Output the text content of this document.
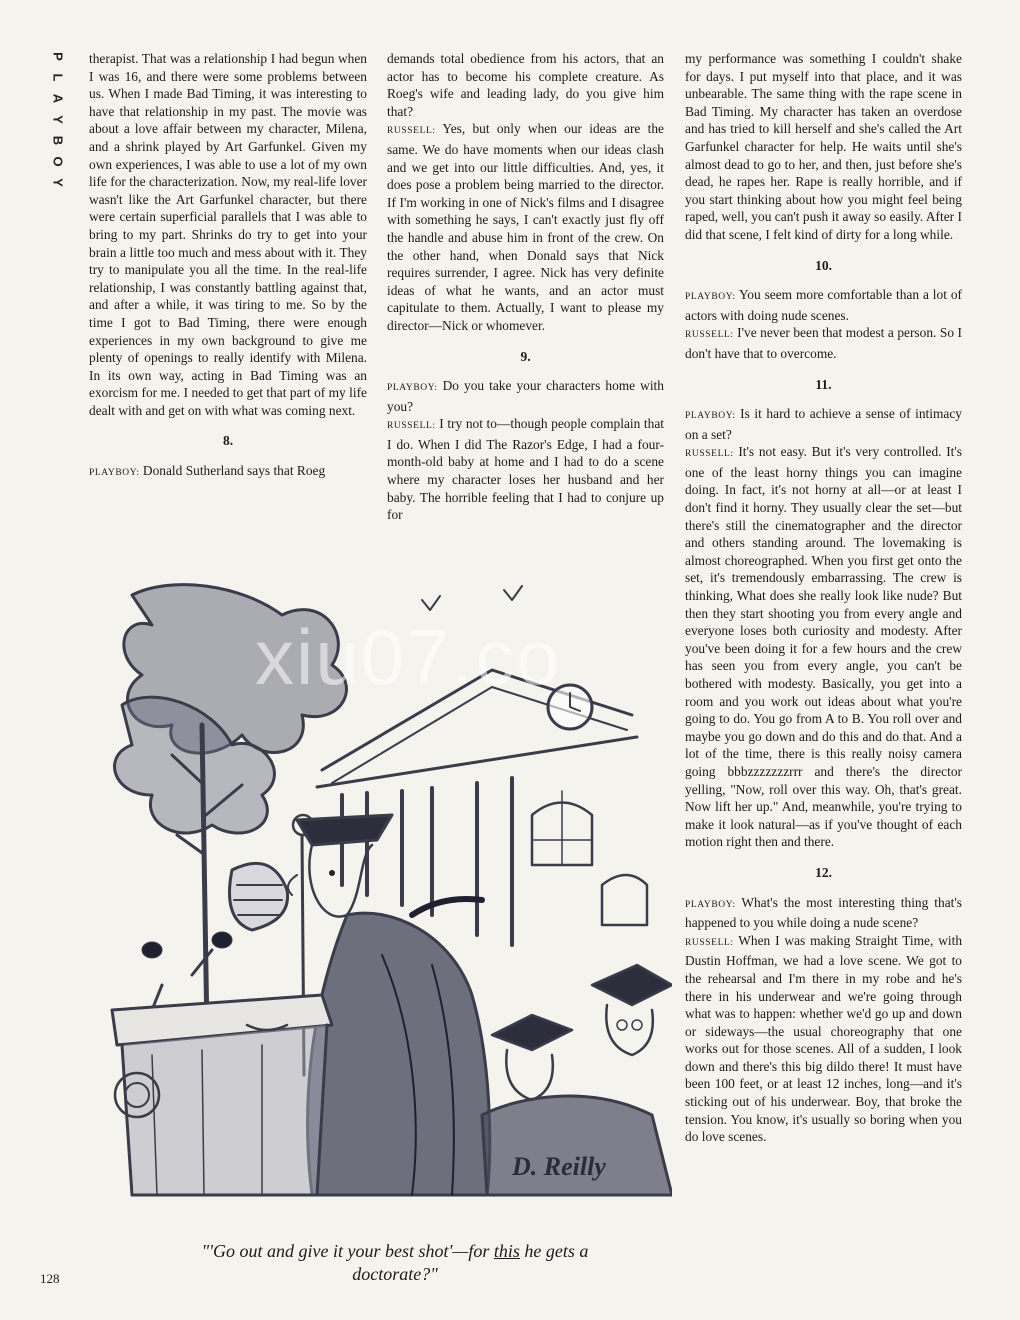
P
L
A
Y
B
O
Y

therapist. That was a relationship I had begun when I was 16, and there were some problems between us. When I made Bad Timing, it was interesting to have that relationship in my past. The movie was about a love affair between my character, Milena, and a shrink played by Art Garfunkel. Given my own experiences, I was able to use a lot of my own life for the characterization. Now, my real-life lover wasn't like the Art Garfunkel character, but there were certain superficial parallels that I was able to bring to my part. Shrinks do try to get into your brain a little too much and mess about with it. They try to manipulate you all the time. In the real-life relationship, I was constantly battling against that, and after a while, it was tiring to me. So by the time I got to Bad Timing, there were enough experiences in my own background to give me plenty of openings to really identify with Milena. In its own way, acting in Bad Timing was an exorcism for me. I needed to get that part of my life dealt with and get on with what was coming next.

8.

PLAYBOY: Donald Sutherland says that Roeg

demands total obedience from his actors, that an actor has to become his complete creature. As Roeg's wife and leading lady, do you give him that?

RUSSELL: Yes, but only when our ideas are the same. We do have moments when our ideas clash and we get into our little difficulties. And, yes, it does pose a problem being married to the director. If I'm working in one of Nick's films and I disagree with something he says, I can't exactly just fly off the handle and abuse him in front of the crew. On the other hand, when Donald says that Nick requires surrender, I agree. Nick has very definite ideas of what he wants, and an actor must capitulate to them. Actually, I want to please my director—Nick or whomever.

9.

PLAYBOY: Do you take your characters home with you?

RUSSELL: I try not to—though people complain that I do. When I did The Razor's Edge, I had a four-month-old baby at home and I had to do a scene where my character loses her husband and her baby. The horrible feeling that I had to conjure up for

my performance was something I couldn't shake for days. I put myself into that place, and it was unbearable. The same thing with the rape scene in Bad Timing. My character has taken an overdose and has tried to kill herself and she's called the Art Garfunkel character for help. He waits until she's almost dead to go to her, and then, just before she's dead, he rapes her. Rape is really horrible, and if you start thinking about how you might feel being raped, well, you can't push it away so easily. After I did that scene, I felt kind of dirty for a long while.

10.

PLAYBOY: You seem more comfortable than a lot of actors with doing nude scenes.

RUSSELL: I've never been that modest a person. So I don't have that to overcome.

11.

PLAYBOY: Is it hard to achieve a sense of intimacy on a set?

RUSSELL: It's not easy. But it's very controlled. It's one of the least horny things you can imagine doing. In fact, it's not horny at all—or at least I don't find it horny. They usually clear the set—but there's still the cinematographer and the director and others standing around. The lovemaking is almost choreographed. When you first get onto the set, it's tremendously embarrassing. The crew is thinking, What does she really look like nude? But then they start shooting you from every angle and everyone loses both curiosity and modesty. After you've been doing it for a few hours and the crew has seen you from every angle, you can't be bothered with modesty. Basically, you get into a room and you work out ideas about what you're going to do. You go from A to B. You roll over and maybe you go down and do this and do that. And a lot of the time, there is this really noisy camera going bbbzzzzzzzrrr and there's the director yelling, "Now, roll over this way. Oh, that's great. Now lift her up." And, meanwhile, you're trying to make it look natural—as if you've thought of each motion right then and there.

12.

PLAYBOY: What's the most interesting thing that's happened to you while doing a nude scene?

RUSSELL: When I was making Straight Time, with Dustin Hoffman, we had a love scene. We got to the rehearsal and I'm there in my robe and he's there in his underwear and we're going through what was to happen: whether we'd go up and down or sideways—the usual choreography that one works out for those scenes. All of a sudden, I look down and there's this big dildo there! It must have been 100 feet, or at least 12 inches, long—and it's sticking out of his underwear. Boy, that broke the tension. You know, it's usually so boring when you do love scenes.

D. Reilly
xiu07.co
"'Go out and give it your best shot'—for this he gets a doctorate?"
128
